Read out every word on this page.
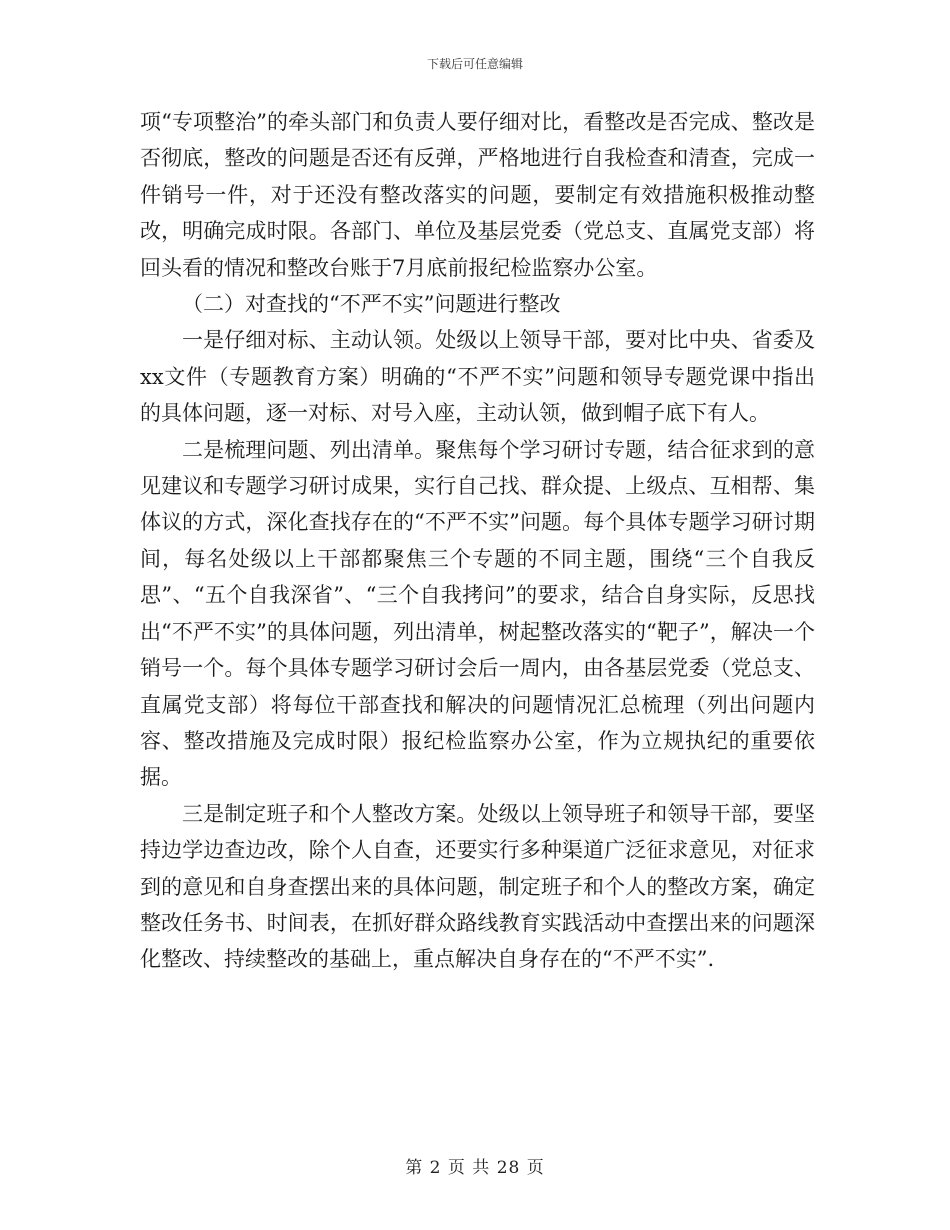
下载后可任意编辑

项“专项整治”的牵头部门和负责人要仔细对比，看整改是否完成、整改是否彻底，整改的问题是否还有反弹，严格地进行自我检查和清查，完成一件销号一件，对于还没有整改落实的问题，要制定有效措施积极推动整改，明确完成时限。各部门、单位及基层党委（党总支、直属党支部）将回头看的情况和整改台账于7月底前报纪检监察办公室。

（二）对查找的“不严不实”问题进行整改

一是仔细对标、主动认领。处级以上领导干部，要对比中央、省委及xx文件（专题教育方案）明确的“不严不实”问题和领导专题党课中指出的具体问题，逐一对标、对号入座，主动认领，做到帽子底下有人。

二是梳理问题、列出清单。聚焦每个学习研讨专题，结合征求到的意见建议和专题学习研讨成果，实行自己找、群众提、上级点、互相帮、集体议的方式，深化查找存在的“不严不实”问题。每个具体专题学习研讨期间，每名处级以上干部都聚焦三个专题的不同主题，围绕“三个自我反思”、“五个自我深省”、“三个自我拷问”的要求，结合自身实际，反思找出“不严不实”的具体问题，列出清单，树起整改落实的“靶子”，解决一个销号一个。每个具体专题学习研讨会后一周内，由各基层党委（党总支、直属党支部）将每位干部查找和解决的问题情况汇总梳理（列出问题内容、整改措施及完成时限）报纪检监察办公室，作为立规执纪的重要依据。

三是制定班子和个人整改方案。处级以上领导班子和领导干部，要坚持边学边查边改，除个人自查，还要实行多种渠道广泛征求意见，对征求到的意见和自身查摆出来的具体问题，制定班子和个人的整改方案，确定整改任务书、时间表，在抓好群众路线教育实践活动中查摆出来的问题深化整改、持续整改的基础上，重点解决自身存在的“不严不实”.

第 2 页 共 28 页
